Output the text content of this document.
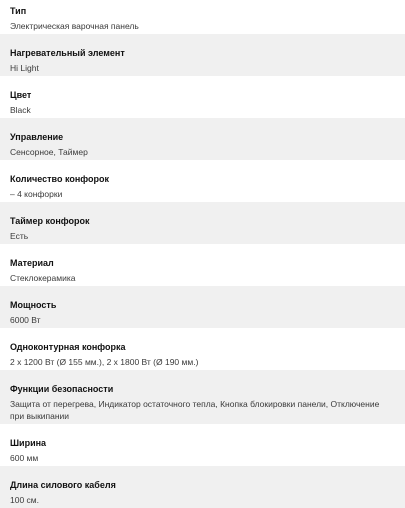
Тип
Электрическая варочная панель
Нагревательный элемент
Hi Light
Цвет
Black
Управление
Сенсорное, Таймер
Количество конфорок
– 4 конфорки
Таймер конфорок
Есть
Материал
Стеклокерамика
Мощность
6000 Вт
Одноконтурная конфорка
2 x 1200 Вт (Ø 155 мм.), 2 x 1800 Вт (Ø 190 мм.)
Функции безопасности
Защита от перегрева, Индикатор остаточного тепла, Кнопка блокировки панели, Отключение при выкипании
Ширина
600 мм
Длина силового кабеля
100 см.
